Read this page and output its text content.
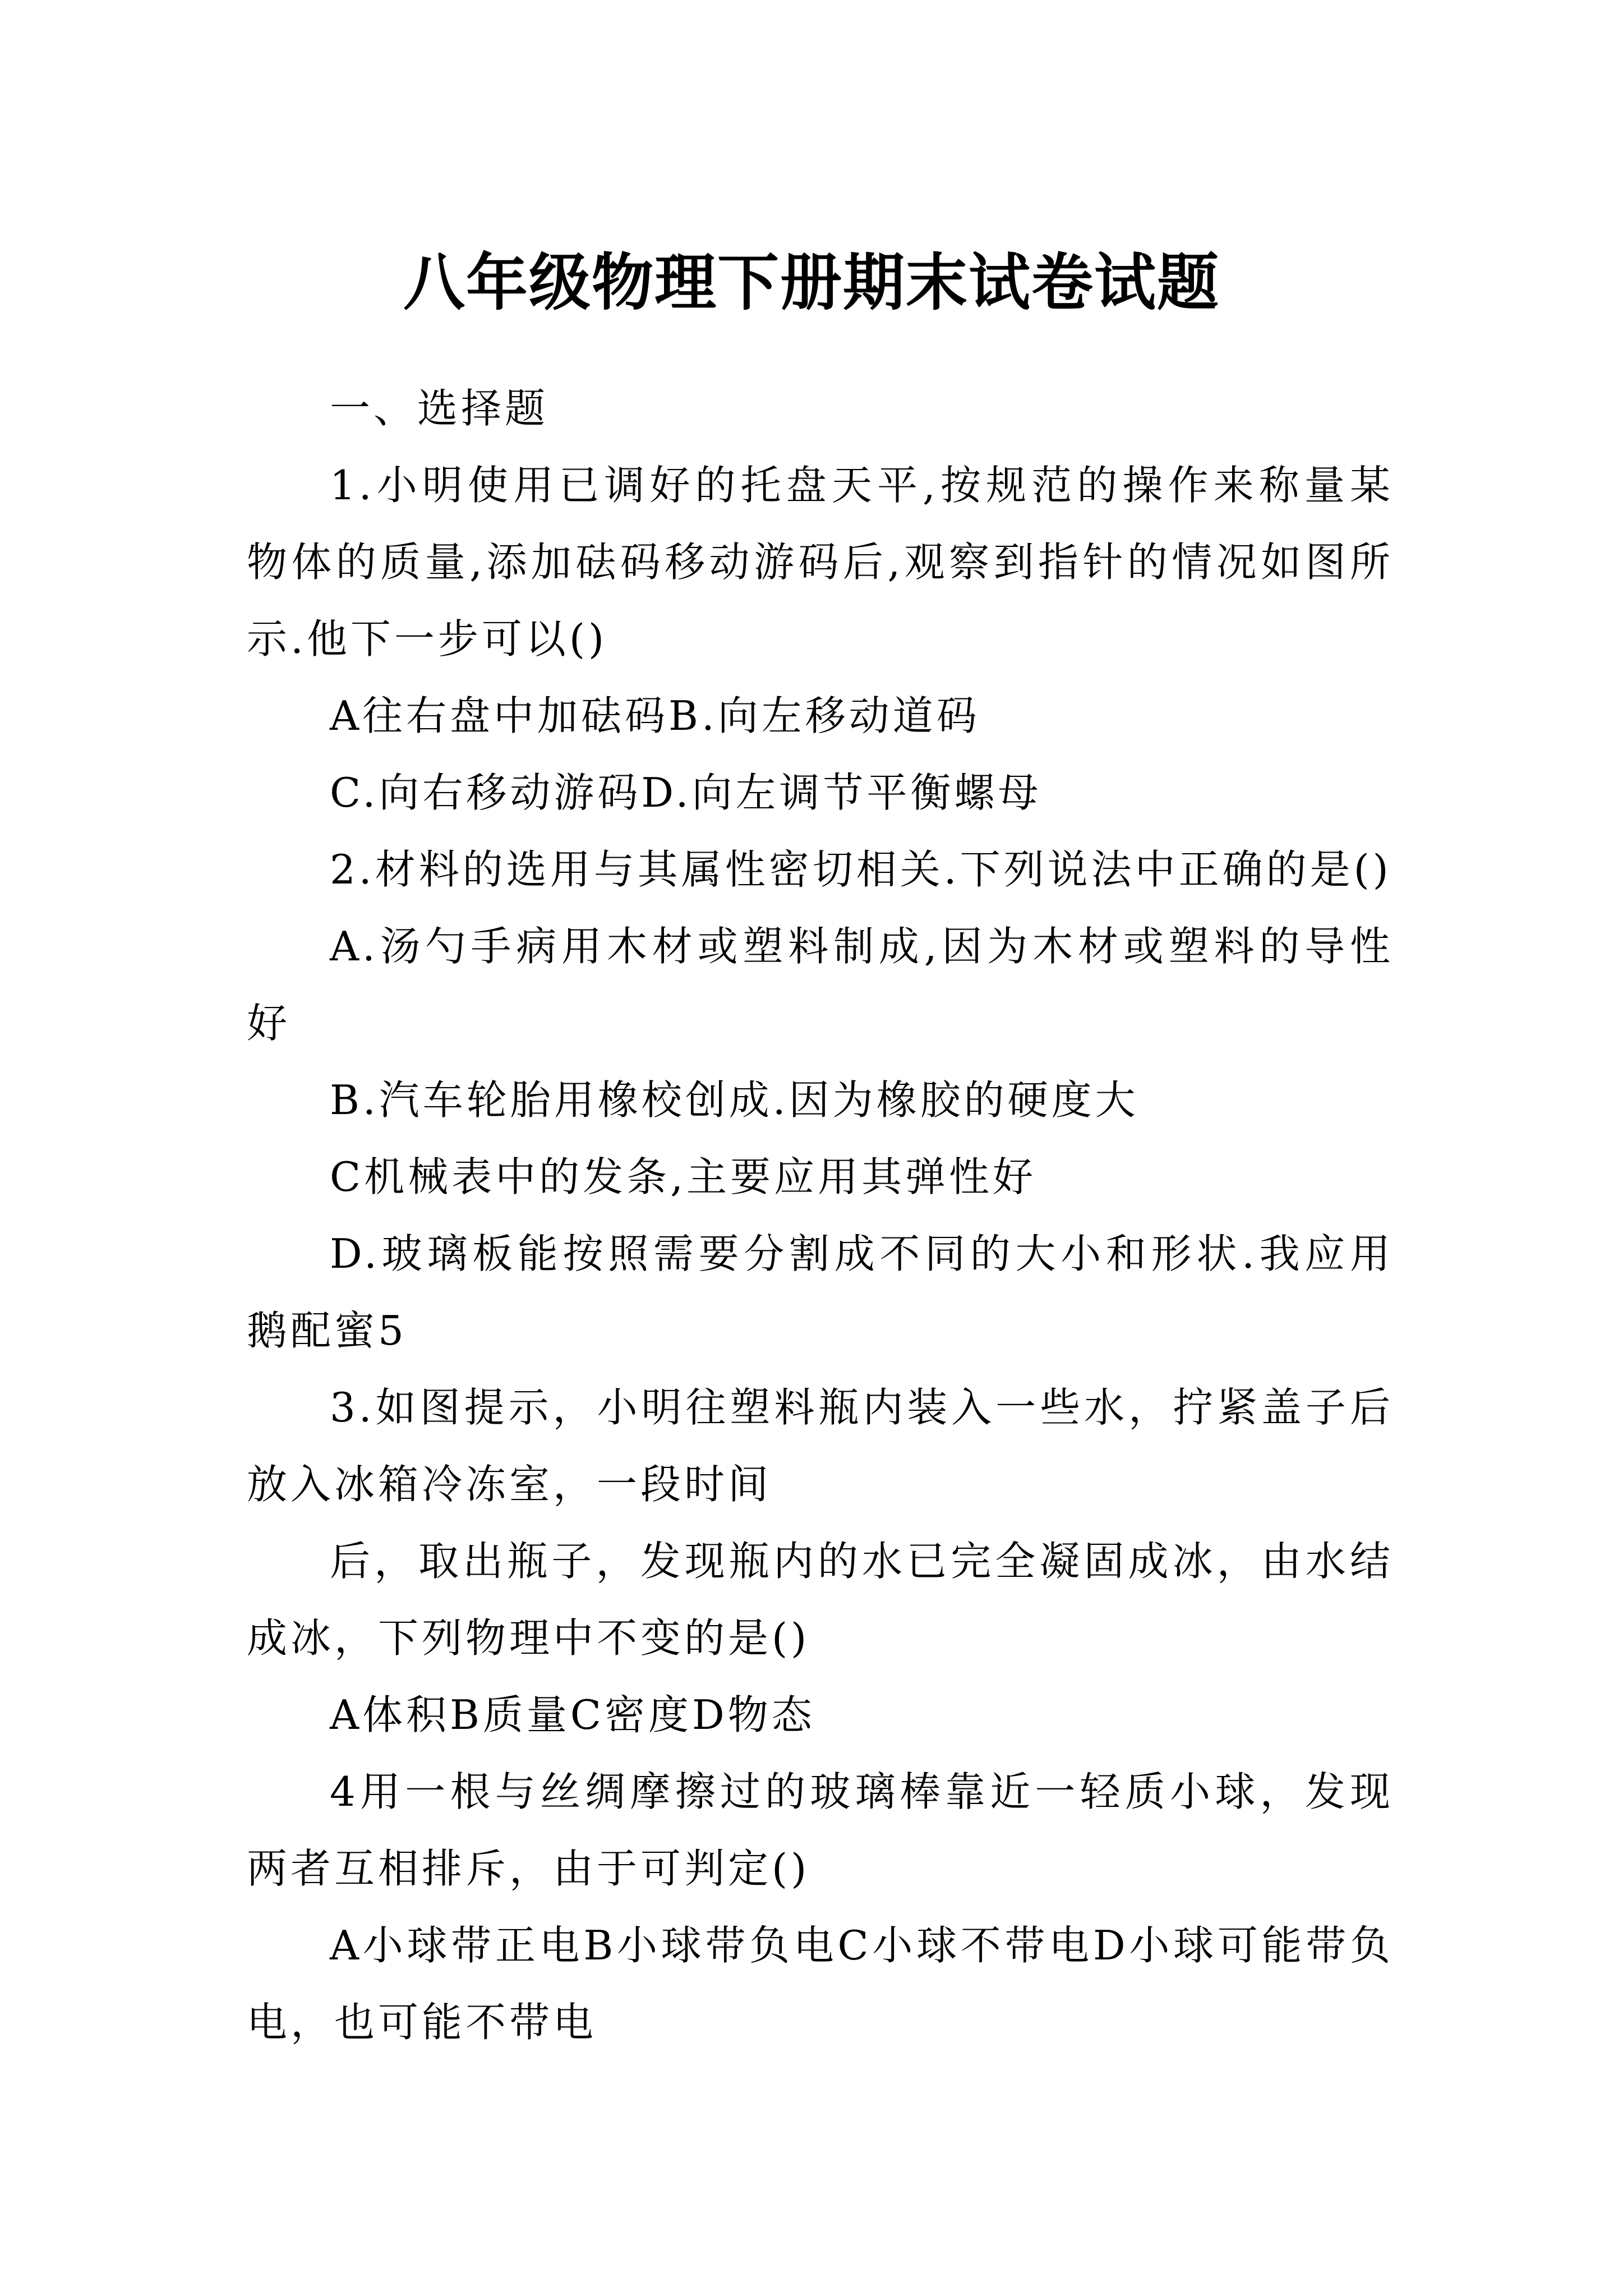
八年级物理下册期末试卷试题

一、选择题

1.小明使用已调好的托盘天平,按规范的操作来称量某物体的质量,添加砝码移动游码后,观察到指针的情况如图所示.他下一步可以()

A往右盘中加砝码B.向左移动道码

C.向右移动游码D.向左调节平衡螺母

2.材料的选用与其属性密切相关.下列说法中正确的是()

A.汤勺手病用木材或塑料制成,因为木材或塑料的导性好

B.汽车轮胎用橡校创成.因为橡胶的硬度大

C机械表中的发条,主要应用其弹性好

D.玻璃板能按照需要分割成不同的大小和形状.我应用鹅配蜜5

3.如图提示，小明往塑料瓶内装入一些水，拧紧盖子后放入冰箱冷冻室，一段时间

后，取出瓶子，发现瓶内的水已完全凝固成冰，由水结成冰，下列物理中不变的是()

A体积B质量C密度D物态

4用一根与丝绸摩擦过的玻璃棒靠近一轻质小球，发现两者互相排斥，由于可判定()

A小球带正电B小球带负电C小球不带电D小球可能带负电，也可能不带电
